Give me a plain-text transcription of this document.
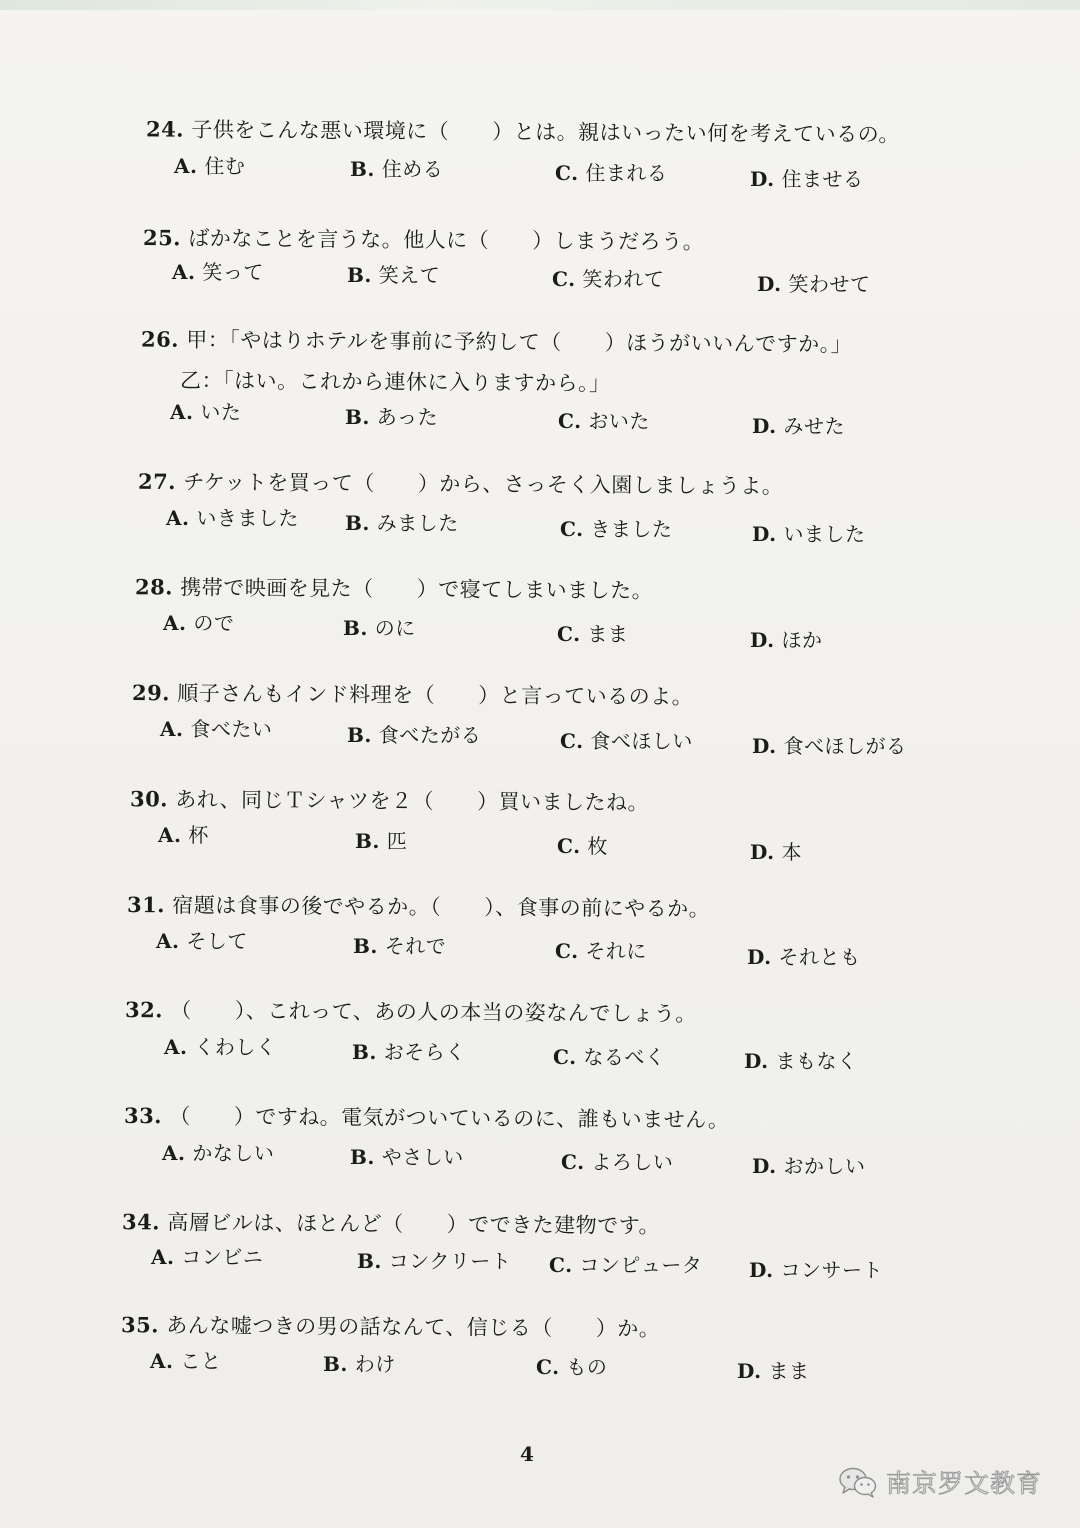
24. 子供をこんな悪い環境に（　　）とは。親はいったい何を考えているの。
A. 住む	B. 住める	C. 住まれる	D. 住ませる
25. ばかなことを言うな。他人に（　　）しまうだろう。
A. 笑って	B. 笑えて	C. 笑われて	D. 笑わせて
26. 甲：「やはりホテルを事前に予約して（　　）ほうがいいんですか。」
乙：「はい。これから連休に入りますから。」
A. いた	B. あった	C. おいた	D. みせた
27. チケットを買って（　　）から、さっそく入園しましょうよ。
A. いきました B. みました	C. きました	D. いました
28. 携帯で映画を見た（　　）で寝てしまいました。
A. ので	B. のに	C. まま	D. ほか
29. 順子さんもインド料理を（　　）と言っているのよ。
A. 食べたい	B. 食べたがる	C. 食べほしい	D. 食べほしがる
30. あれ、同じＴシャツを２（　　）買いましたね。
A. 杯	B. 匹	C. 枚	D. 本
31. 宿題は食事の後でやるか。（　　）、食事の前にやるか。
A. そして	B. それで	C. それに	D. それとも
32. （　　）、これって、あの人の本当の姿なんでしょう。
A. くわしく	B. おそらく	C. なるべく	D. まもなく
33. （　　）ですね。電気がついているのに、誰もいません。
A. かなしい	B. やさしい	C. よろしい	D. おかしい
34. 高層ビルは、ほとんど（　　）でできた建物です。
A. コンビニ	B. コンクリート C. コンピュータ D. コンサート
35. あんな嘘つきの男の話なんて、信じる（　　）か。
A. こと	B. わけ	C. もの	D. まま
4
南京罗文教育
